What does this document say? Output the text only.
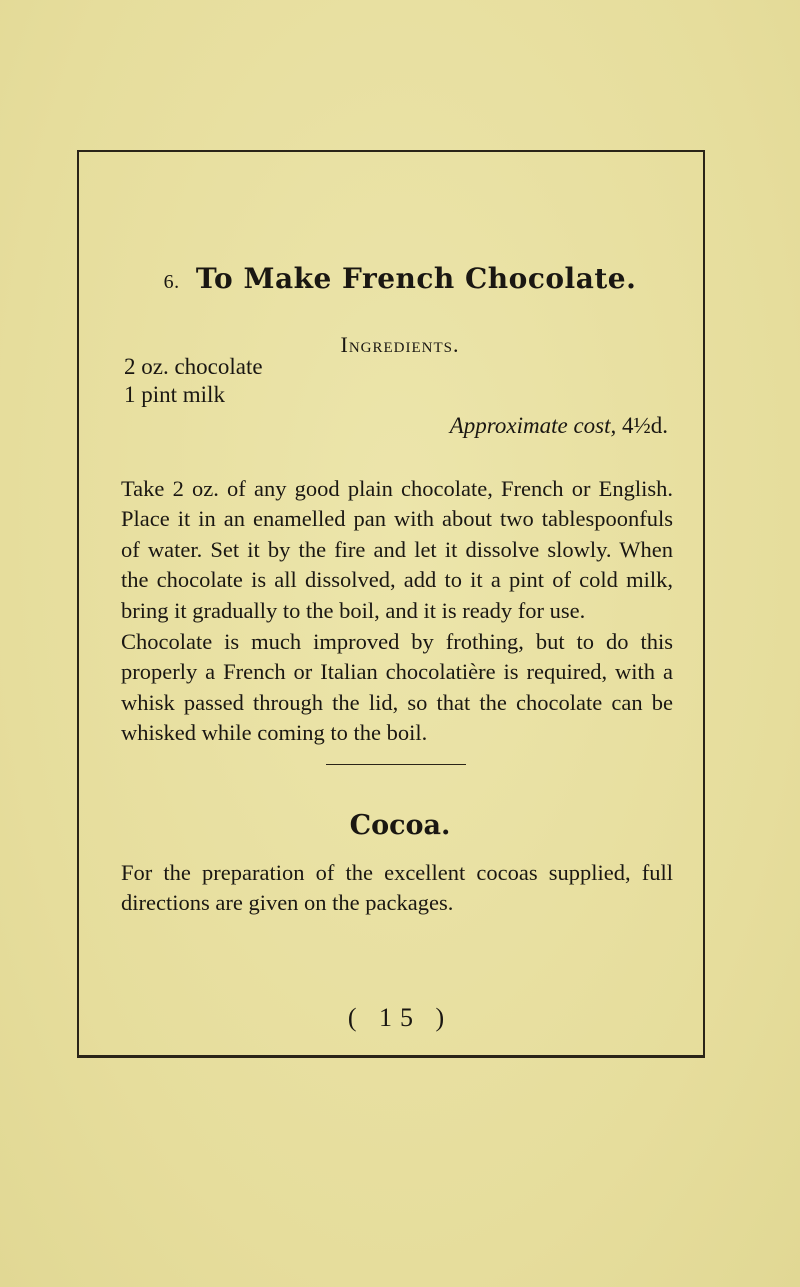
6. To Make French Chocolate.
Ingredients.
2 oz. chocolate
1 pint milk
Approximate cost, 4½d.
Take 2 oz. of any good plain chocolate, French or English. Place it in an enamelled pan with about two tablespoonfuls of water. Set it by the fire and let it dissolve slowly. When the chocolate is all dissolved, add to it a pint of cold milk, bring it gradually to the boil, and it is ready for use.
Chocolate is much improved by frothing, but to do this properly a French or Italian chocolatière is required, with a whisk passed through the lid, so that the chocolate can be whisked while coming to the boil.
Cocoa.
For the preparation of the excellent cocoas supplied, full directions are given on the packages.
( 15 )
